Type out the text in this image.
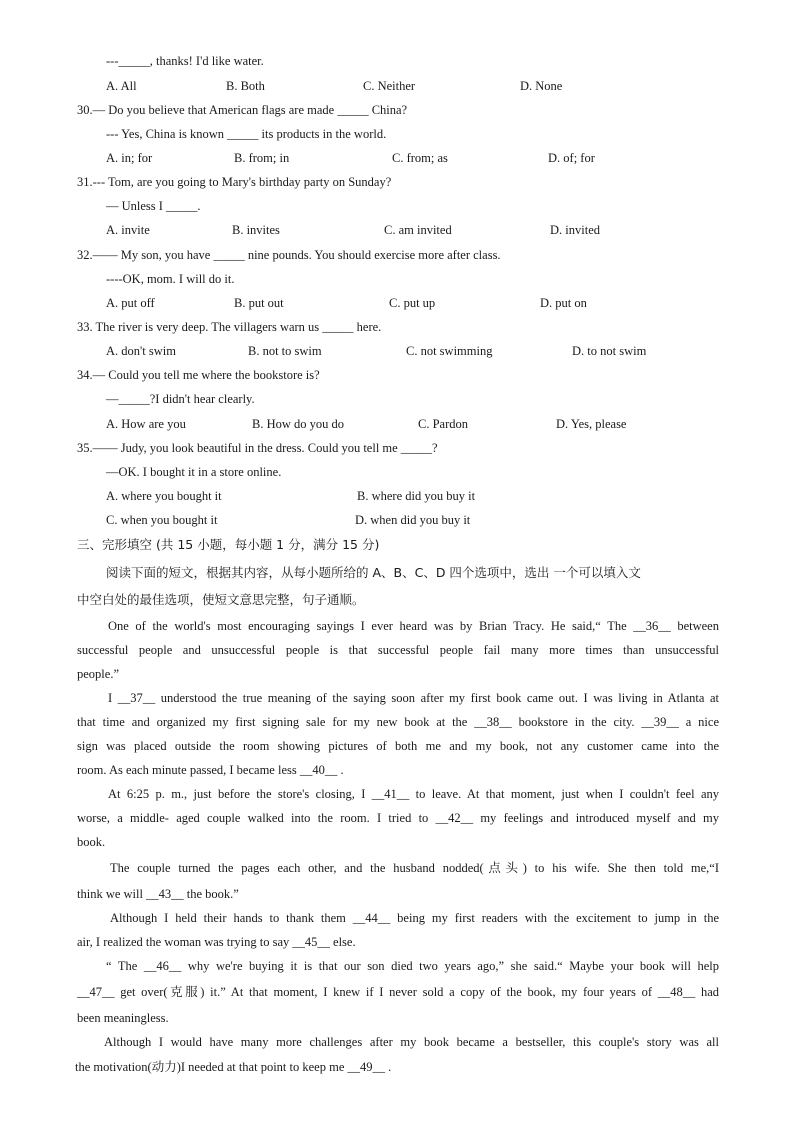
---_____, thanks! I'd like water.
A. All	B. Both	C. Neither	D. None
30.— Do you believe that American flags are made _____ China?
--- Yes, China is known _____ its products in the world.
A. in; for	B. from; in	C. from; as	D. of; for
31.--- Tom, are you going to Mary's birthday party on Sunday?
— Unless I _____.
A. invite	B. invites	C. am invited	D. invited
32.—— My son, you have _____ nine pounds. You should exercise more after class.
----OK, mom. I will do it.
A. put off	B. put out	C. put up	D. put on
33. The river is very deep. The villagers warn us _____ here.
A. don't swim	B. not to swim	C. not swimming	D. to not swim
34.— Could you tell me where the bookstore is?
—_____?I didn't hear clearly.
A. How are you	B. How do you do	C. Pardon	D. Yes, please
35.—— Judy, you look beautiful in the dress. Could you tell me _____?
—OK. I bought it in a store online.
A. where you bought it	B. where did you buy it
C. when you bought it	D. when did you buy it
三、完形填空 (共 15 小题，每小题 1 分，满分 15 分)
阅读下面的短文，根据其内容，从每小题所给的 A、B、C、D 四个选项中，选出 一个可以填入文
中空白处的最佳选项，使短文意思完整，句子通顺。
One of the world's most encouraging sayings I ever heard was by Brian Tracy. He said,“ The __36__ between
successful people and unsuccessful people is that successful people fail many more times than unsuccessful
people.”
I __37__ understood the true meaning of the saying soon after my first book came out. I was living in Atlanta at
that time and organized my first signing sale for my new book at the __38__ bookstore in the city. __39__ a nice
sign was placed outside the room showing pictures of both me and my book, not any customer came into the
room. As each minute passed, I became less __40__ .
At 6:25 p. m., just before the store's closing, I __41__ to leave. At that moment, just when I couldn't feel any
worse, a middle- aged couple walked into the room. I tried to __42__ my feelings and introduced myself and my
book.
The couple turned the pages each other, and the husband nodded(点头) to his wife. She then told me,“I
think we will __43__ the book.”
Although I held their hands to thank them __44__ being my first readers with the excitement to jump in the
air, I realized the woman was trying to say __45__ else.
“ The __46__ why we're buying it is that our son died two years ago,” she said.“ Maybe your book will help
__47__ get over(克服) it.” At that moment, I knew if I never sold a copy of the book, my four years of __48__ had
been meaningless.
Although I would have many more challenges after my book became a bestseller, this couple's story was all
the motivation(动力)I needed at that point to keep me __49__ .
